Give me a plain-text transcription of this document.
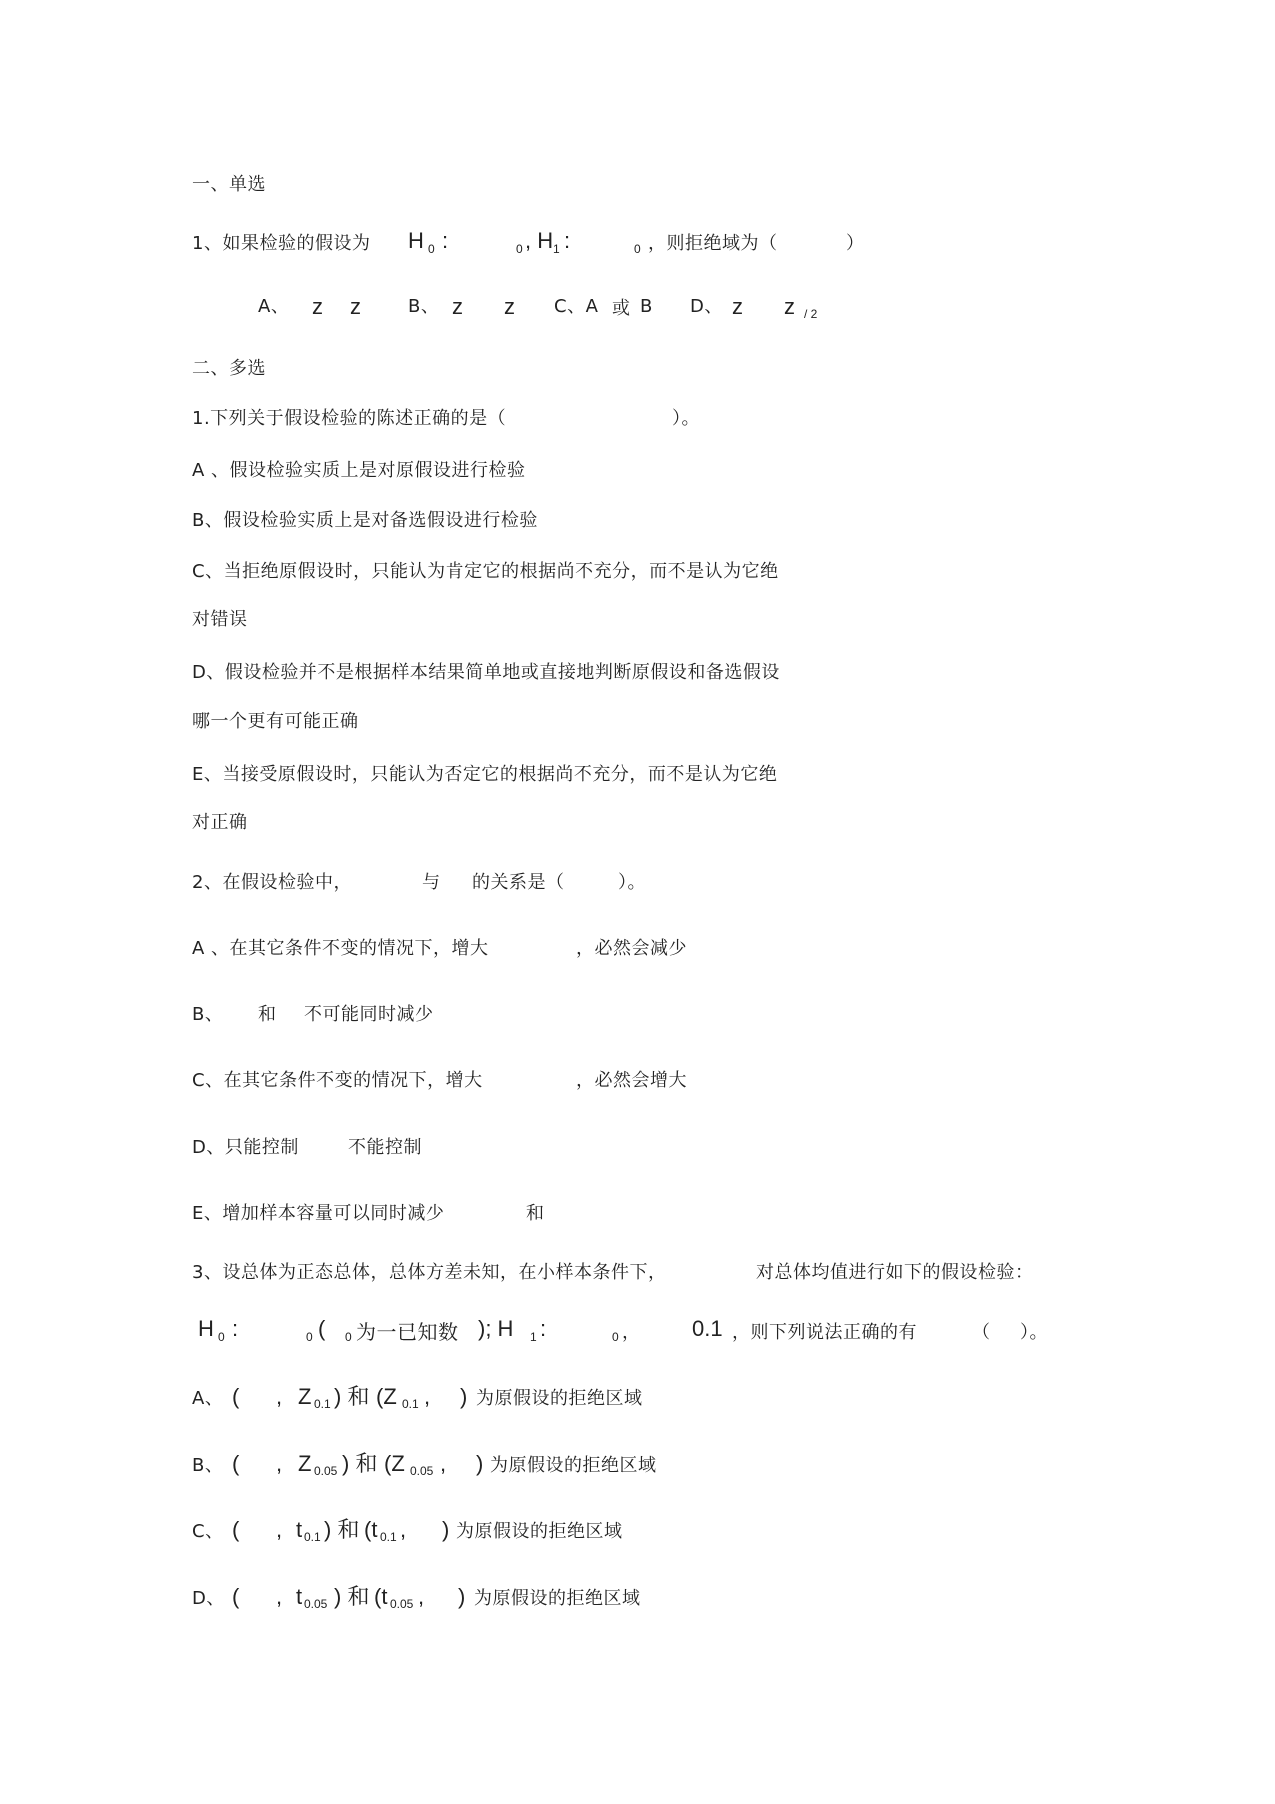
一、单选
1、如果检验的假设为 H 0 :	0 , H 1 :	0 ，则拒绝域为（	）
A、 z z	B、 z z C、A 或 B D、 z z / 2
二、多选
1.下列关于假设检验的陈述正确的是（	）。
A 、假设检验实质上是对原假设进行检验
B、假设检验实质上是对备选假设进行检验
C、当拒绝原假设时，只能认为肯定它的根据尚不充分，而不是认为它绝
对错误
D、假设检验并不是根据样本结果简单地或直接地判断原假设和备选假设
哪一个更有可能正确
E、当接受原假设时，只能认为否定它的根据尚不充分，而不是认为它绝
对正确
2、在假设检验中，	与 的关系是（	）。
A 、在其它条件不变的情况下，增大	，必然会减少
B、 和 不可能同时减少
C、在其它条件不变的情况下，增大	，必然会增大
D、只能控制	不能控制
E、增加样本容量可以同时减少	和
3、设总体为正态总体，总体方差未知，在小样本条件下，	对总体均值进行如下的假设检验：
H 0 :	0 ( 0 为一已知数 ); H 1 :	0 ， 0.1 ，则下列说法正确的有	（ ）。
A、 ( , Z 0.1 ) 和 (Z 0.1 , ) 为原假设的拒绝区域
B、 ( , Z 0.05 ) 和 (Z 0.05 , ) 为原假设的拒绝区域
C、 ( , t 0.1 ) 和 (t 0.1 , ) 为原假设的拒绝区域
D、 ( , t 0.05 ) 和 (t 0.05 , ) 为原假设的拒绝区域
